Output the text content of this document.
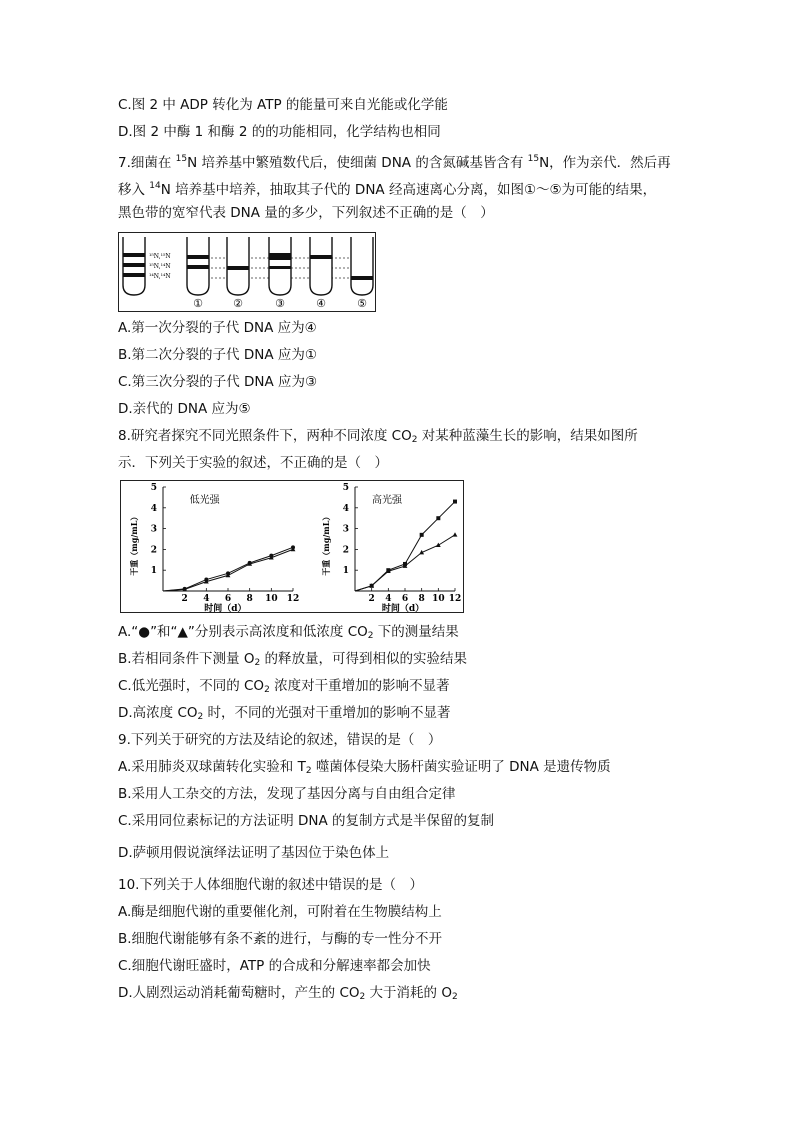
C.图 2 中 ADP 转化为 ATP 的能量可来自光能或化学能
D.图 2 中酶 1 和酶 2 的的功能相同，化学结构也相同
7.细菌在 $^{15}$N 培养基中繁殖数代后，使细菌 DNA 的含氮碱基皆含有 $^{15}$N，作为亲代．然后再
移入 $^{14}$N 培养基中培养，抽取其子代的 DNA 经高速离心分离，如图①～⑤为可能的结果，
黑色带的宽窄代表 DNA 量的多少，下列叙述不正确的是（　）
¹⁵N,¹⁵N
¹⁵N,¹⁴N
¹⁴N,¹⁴N
①	②	③	④	⑤
A.第一次分裂的子代 DNA 应为④
B.第二次分裂的子代 DNA 应为①
C.第三次分裂的子代 DNA 应为③
D.亲代的 DNA 应为⑤
8.研究者探究不同光照条件下，两种不同浓度 $CO_2$ 对某种蓝藻生长的影响，结果如图所
示．下列关于实验的叙述，不正确的是（　）
2 4 6 8 10 12
1
2
3
4
5
时间（d）
干重（mg/mL）
低光强
2 4 6 8 10 12
1
2
3
4
5
时间（d）
干重（mg/mL）
高光强
A.“●”和“▲”分别表示高浓度和低浓度 $CO_2$ 下的测量结果
B.若相同条件下测量 $O_2$ 的释放量，可得到相似的实验结果
C.低光强时，不同的 $CO_2$ 浓度对干重增加的影响不显著
D.高浓度 $CO_2$ 时，不同的光强对干重增加的影响不显著
9.下列关于研究的方法及结论的叙述，错误的是（　）
A.采用肺炎双球菌转化实验和 $T_2$ 噬菌体侵染大肠杆菌实验证明了 DNA 是遗传物质
B.采用人工杂交的方法，发现了基因分离与自由组合定律
C.采用同位素标记的方法证明 DNA 的复制方式是半保留的复制
D.萨顿用假说演绎法证明了基因位于染色体上
10.下列关于人体细胞代谢的叙述中错误的是（　）
A.酶是细胞代谢的重要催化剂，可附着在生物膜结构上
B.细胞代谢能够有条不紊的进行，与酶的专一性分不开
C.细胞代谢旺盛时，ATP 的合成和分解速率都会加快
D.人剧烈运动消耗葡萄糖时，产生的 $CO_2$ 大于消耗的 $O_2$
